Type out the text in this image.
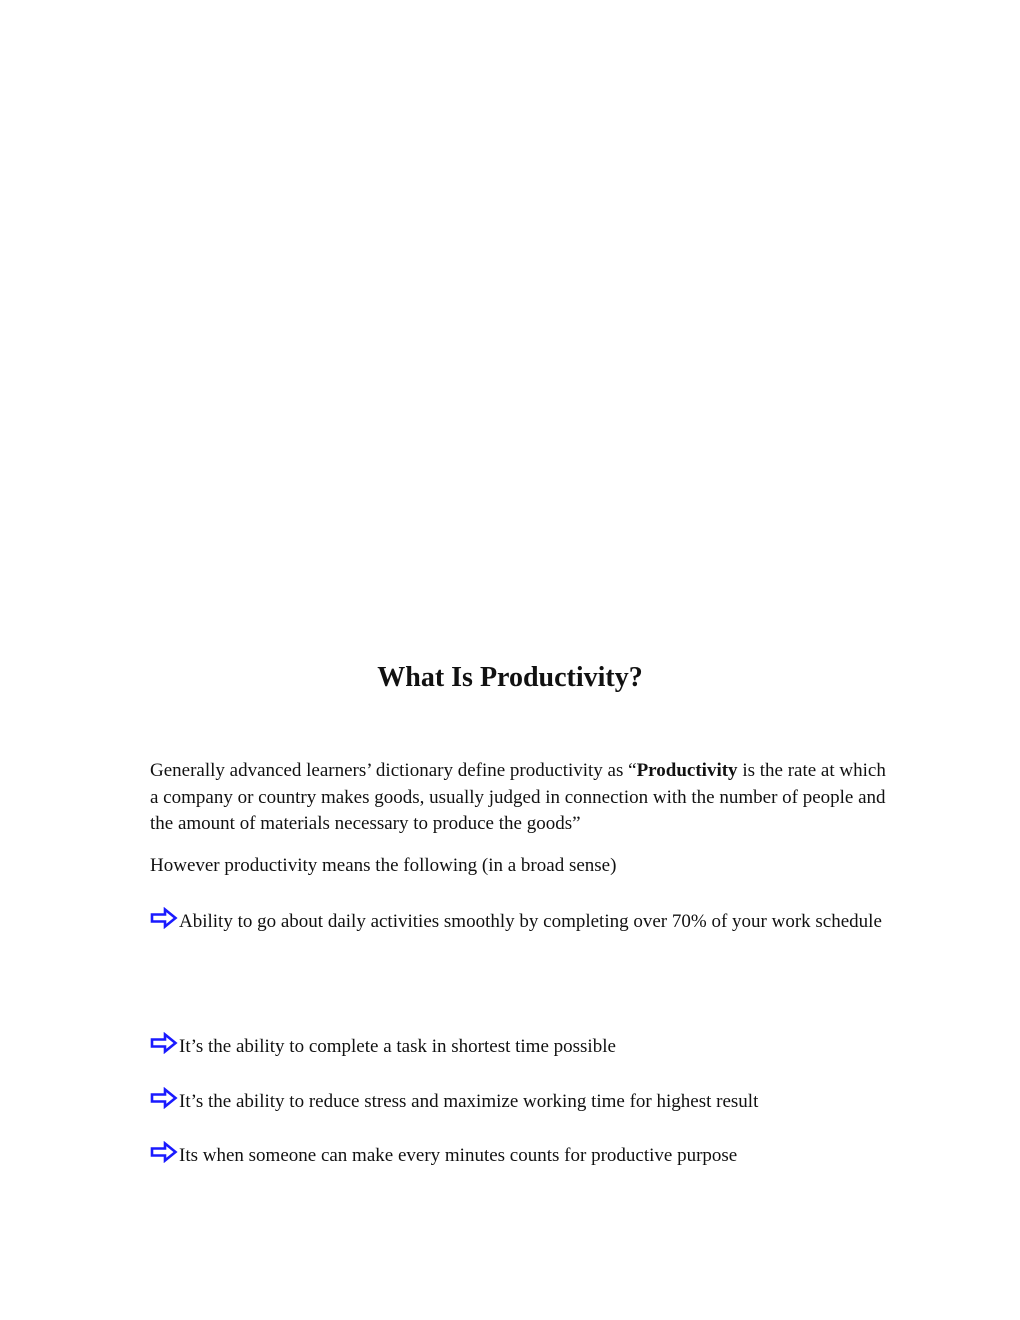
What Is Productivity?

Generally advanced learners’ dictionary define productivity as “Productivity is the rate at which a company or country makes goods, usually judged in connection with the number of people and the amount of materials necessary to produce the goods”

However productivity means the following (in a broad sense)

Ability to go about daily activities smoothly by completing over 70% of your work schedule

It’s the ability to complete a task in shortest time possible

It’s the ability to reduce stress and maximize working time for highest result

Its when someone can make every minutes counts for productive purpose
